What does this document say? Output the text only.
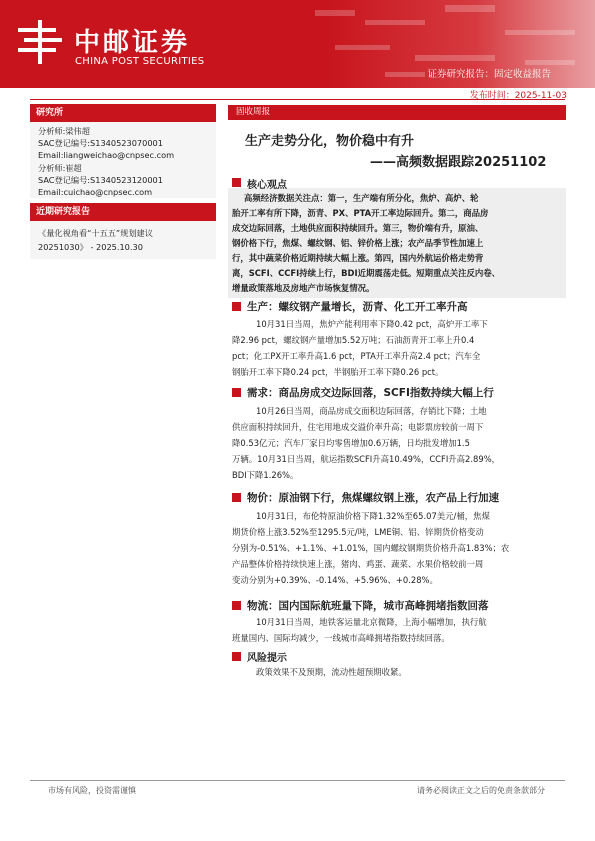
中邮证券
CHINA POST SECURITIES
证券研究报告：固定收益报告
发布时间：2025-11-03
研究所
分析师:梁伟超
SAC登记编号:S1340523070001
Email:liangweichao@cnpsec.com
分析师:崔超
SAC登记编号:S1340523120001
Email:cuichao@cnpsec.com
近期研究报告
《量化视角看“十五五”规划建议
20251030》 - 2025.10.30
固收周报
生产走势分化，物价稳中有升
——高频数据跟踪20251102
核心观点
高频经济数据关注点：第一，生产端有所分化，焦炉、高炉、轮
胎开工率有所下降，沥青、PX、PTA开工率边际回升。第二，商品房
成交边际回落，土地供应面积持续回升。第三，物价端有升，原油、
钢价格下行，焦煤、螺纹钢、铝、锌价格上涨；农产品季节性加速上
行，其中蔬菜价格近期持续大幅上涨。第四，国内外航运价格走势背
离，SCFI、CCFI持续上行，BDI近期震荡走低。短期重点关注反内卷、
增量政策落地及房地产市场恢复情况。
生产：螺纹钢产量增长，沥青、化工开工率升高
10月31日当周，焦炉产能利用率下降0.42 pct，高炉开工率下
降2.96 pct，螺纹钢产量增加5.52万吨；石油沥青开工率上升0.4
pct；化工PX开工率升高1.6 pct，PTA开工率升高2.4 pct；汽车全
钢胎开工率下降0.24 pct，半钢胎开工率下降0.26 pct。
需求：商品房成交边际回落，SCFI指数持续大幅上行
10月26日当周，商品房成交面积边际回落，存销比下降；土地
供应面积持续回升，住宅用地成交溢价率升高；电影票房较前一周下
降0.53亿元；汽车厂家日均零售增加0.6万辆，日均批发增加1.5
万辆。10月31日当周，航运指数SCFI升高10.49%，CCFI升高2.89%，
BDI下降1.26%。
物价：原油钢下行，焦煤螺纹钢上涨，农产品上行加速
10月31日，布伦特原油价格下降1.32%至65.07美元/桶，焦煤
期货价格上涨3.52%至1295.5元/吨，LME铜、铝、锌期货价格变动
分别为-0.51%、+1.1%、+1.01%，国内螺纹钢期货价格升高1.83%；农
产品整体价格持续快速上涨，猪肉、鸡蛋、蔬菜、水果价格较前一周
变动分别为+0.39%、-0.14%、+5.96%、+0.28%。
物流：国内国际航班量下降，城市高峰拥堵指数回落
10月31日当周，地铁客运量北京微降，上海小幅增加，执行航
班量国内、国际均减少，一线城市高峰拥堵指数持续回落。
风险提示
政策效果不及预期，流动性超预期收紧。
市场有风险，投资需谨慎	请务必阅读正文之后的免责条款部分
